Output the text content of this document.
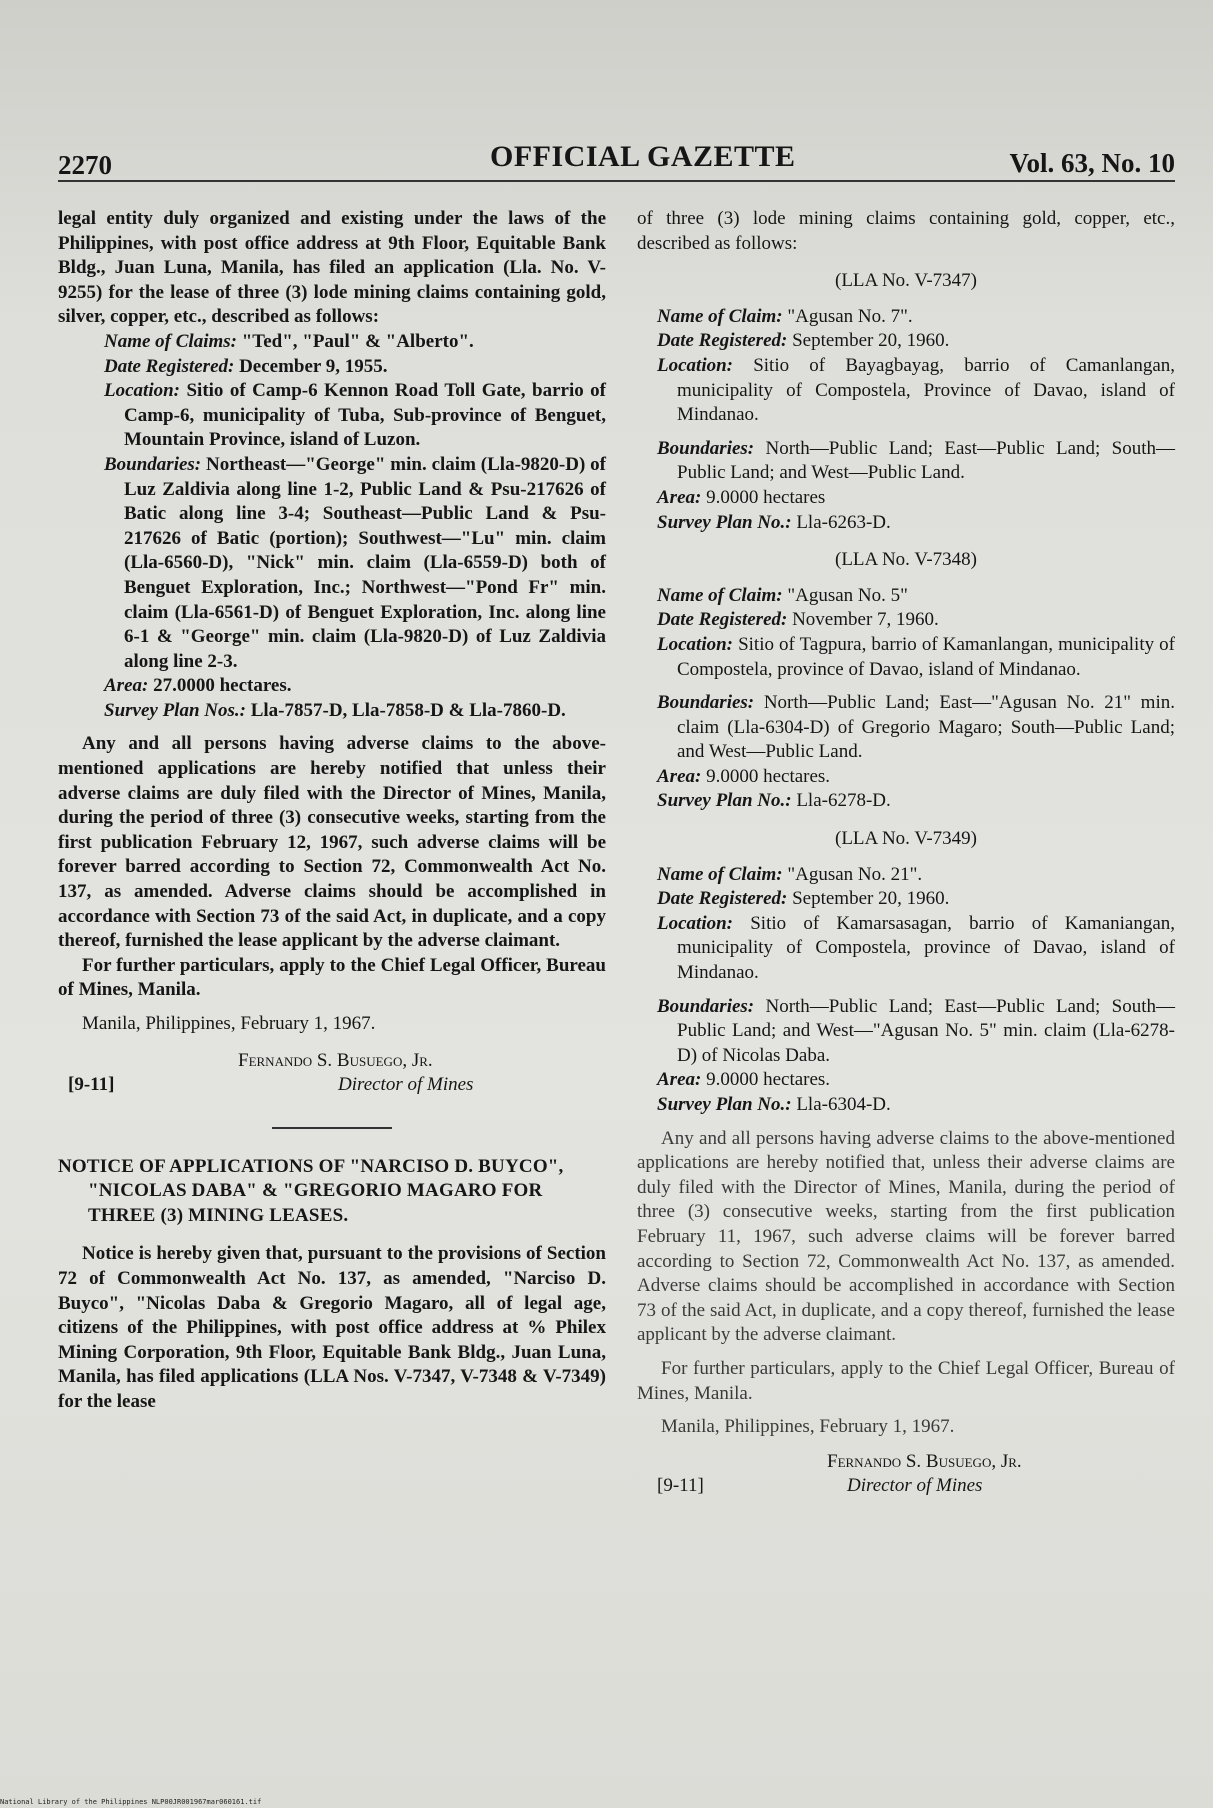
2270	OFFICIAL GAZETTE	Vol. 63, No. 10

legal entity duly organized and existing under the laws of the Philippines, with post office address at 9th Floor, Equitable Bank Bldg., Juan Luna, Manila, has filed an application (Lla. No. V-9255) for the lease of three (3) lode mining claims containing gold, silver, copper, etc., described as follows:

Name of Claims: "Ted", "Paul" & "Alberto".

Date Registered: December 9, 1955.

Location: Sitio of Camp-6 Kennon Road Toll Gate, barrio of Camp-6, municipality of Tuba, Sub-province of Benguet, Mountain Province, island of Luzon.

Boundaries: Northeast—"George" min. claim (Lla-9820-D) of Luz Zaldivia along line 1-2, Public Land & Psu-217626 of Batic along line 3-4; Southeast—Public Land & Psu-217626 of Batic (portion); Southwest—"Lu" min. claim (Lla-6560-D), "Nick" min. claim (Lla-6559-D) both of Benguet Exploration, Inc.; Northwest—"Pond Fr" min. claim (Lla-6561-D) of Benguet Exploration, Inc. along line 6-1 & "George" min. claim (Lla-9820-D) of Luz Zaldivia along line 2-3.

Area: 27.0000 hectares.

Survey Plan Nos.: Lla-7857-D, Lla-7858-D & Lla-7860-D.

Any and all persons having adverse claims to the above-mentioned applications are hereby notified that unless their adverse claims are duly filed with the Director of Mines, Manila, during the period of three (3) consecutive weeks, starting from the first publication February 12, 1967, such adverse claims will be forever barred according to Section 72, Commonwealth Act No. 137, as amended. Adverse claims should be accomplished in accordance with Section 73 of the said Act, in duplicate, and a copy thereof, furnished the lease applicant by the adverse claimant.

For further particulars, apply to the Chief Legal Officer, Bureau of Mines, Manila.

Manila, Philippines, February 1, 1967.

Fernando S. Busuego, Jr.
[9-11]	Director of Mines

NOTICE OF APPLICATIONS OF "NARCISO D. BUYCO", "NICOLAS DABA" & "GREGORIO MAGARO FOR THREE (3) MINING LEASES.

Notice is hereby given that, pursuant to the provisions of Section 72 of Commonwealth Act No. 137, as amended, "Narciso D. Buyco", "Nicolas Daba & Gregorio Magaro, all of legal age, citizens of the Philippines, with post office address at % Philex Mining Corporation, 9th Floor, Equitable Bank Bldg., Juan Luna, Manila, has filed applications (LLA Nos. V-7347, V-7348 & V-7349) for the lease

of three (3) lode mining claims containing gold, copper, etc., described as follows:

(LLA No. V-7347)

Name of Claim: "Agusan No. 7".

Date Registered: September 20, 1960.

Location: Sitio of Bayagbayag, barrio of Camanlangan, municipality of Compostela, Province of Davao, island of Mindanao.

Boundaries: North—Public Land; East—Public Land; South—Public Land; and West—Public Land.

Area: 9.0000 hectares

Survey Plan No.: Lla-6263-D.

(LLA No. V-7348)

Name of Claim: "Agusan No. 5"

Date Registered: November 7, 1960.

Location: Sitio of Tagpura, barrio of Kamanlangan, municipality of Compostela, province of Davao, island of Mindanao.

Boundaries: North—Public Land; East—"Agusan No. 21" min. claim (Lla-6304-D) of Gregorio Magaro; South—Public Land; and West—Public Land.

Area: 9.0000 hectares.

Survey Plan No.: Lla-6278-D.

(LLA No. V-7349)

Name of Claim: "Agusan No. 21".

Date Registered: September 20, 1960.

Location: Sitio of Kamarsasagan, barrio of Kamaniangan, municipality of Compostela, province of Davao, island of Mindanao.

Boundaries: North—Public Land; East—Public Land; South—Public Land; and West—"Agusan No. 5" min. claim (Lla-6278-D) of Nicolas Daba.

Area: 9.0000 hectares.

Survey Plan No.: Lla-6304-D.

Any and all persons having adverse claims to the above-mentioned applications are hereby notified that, unless their adverse claims are duly filed with the Director of Mines, Manila, during the period of three (3) consecutive weeks, starting from the first publication February 11, 1967, such adverse claims will be forever barred according to Section 72, Commonwealth Act No. 137, as amended. Adverse claims should be accomplished in accordance with Section 73 of the said Act, in duplicate, and a copy thereof, furnished the lease applicant by the adverse claimant.

For further particulars, apply to the Chief Legal Officer, Bureau of Mines, Manila.

Manila, Philippines, February 1, 1967.

Fernando S. Busuego, Jr.
[9-11]	Director of Mines
National Library of the Philippines NLP00JR001967mar060161.tif
